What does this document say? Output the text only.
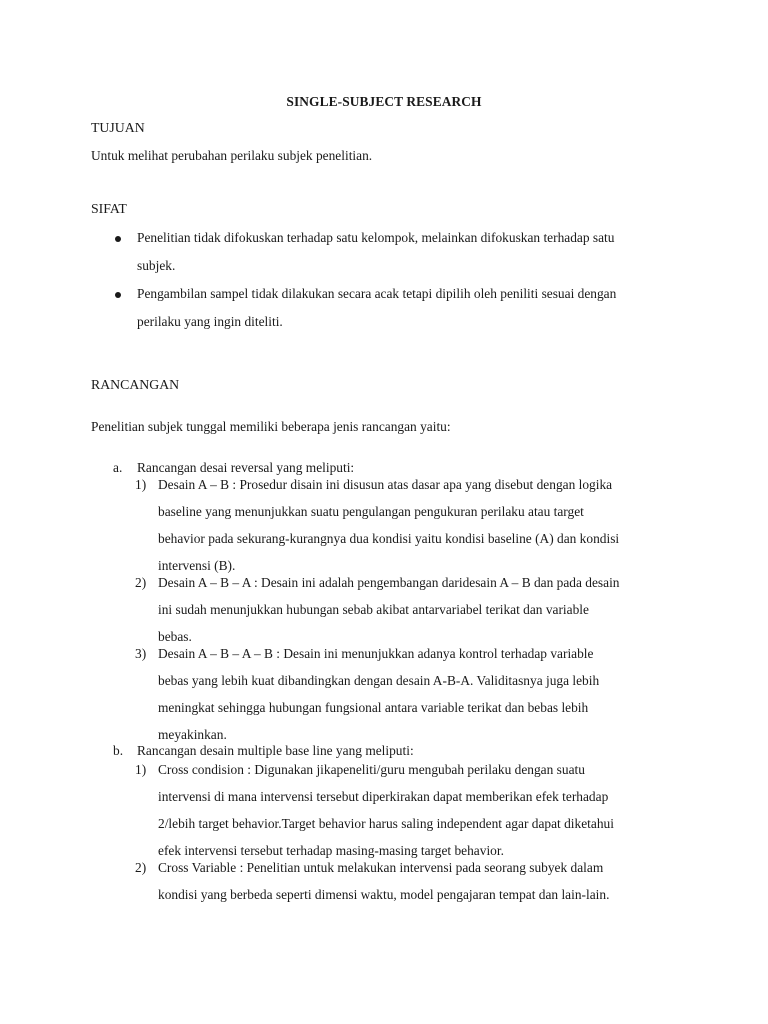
SINGLE-SUBJECT RESEARCH
TUJUAN
Untuk melihat perubahan perilaku subjek penelitian.
SIFAT
Penelitian tidak difokuskan terhadap satu kelompok, melainkan difokuskan terhadap satu
subjek.
Pengambilan sampel tidak dilakukan secara acak tetapi dipilih oleh peniliti sesuai dengan
perilaku yang ingin diteliti.
RANCANGAN
Penelitian subjek tunggal memiliki beberapa jenis rancangan yaitu:
a. Rancangan desai reversal yang meliputi:
1) Desain A – B : Prosedur disain ini disusun atas dasar apa yang disebut dengan logika
baseline yang menunjukkan suatu pengulangan pengukuran perilaku atau target
behavior pada sekurang-kurangnya dua kondisi yaitu kondisi baseline (A) dan kondisi
intervensi (B).
2) Desain A – B – A : Desain ini adalah pengembangan daridesain A – B dan pada desain
ini sudah menunjukkan hubungan sebab akibat antarvariabel terikat dan variable
bebas.
3) Desain A – B – A – B : Desain ini menunjukkan adanya kontrol terhadap variable
bebas yang lebih kuat dibandingkan dengan desain A-B-A. Validitasnya juga lebih
meningkat sehingga hubungan fungsional antara variable terikat dan bebas lebih
meyakinkan.
b. Rancangan desain multiple base line yang meliputi:
1) Cross condision : Digunakan jikapeneliti/guru mengubah perilaku dengan suatu
intervensi di mana intervensi tersebut diperkirakan dapat memberikan efek terhadap
2/lebih target behavior.Target behavior harus saling independent agar dapat diketahui
efek intervensi tersebut terhadap masing-masing target behavior.
2) Cross Variable : Penelitian untuk melakukan intervensi pada seorang subyek dalam
kondisi yang berbeda seperti dimensi waktu, model pengajaran tempat dan lain-lain.
